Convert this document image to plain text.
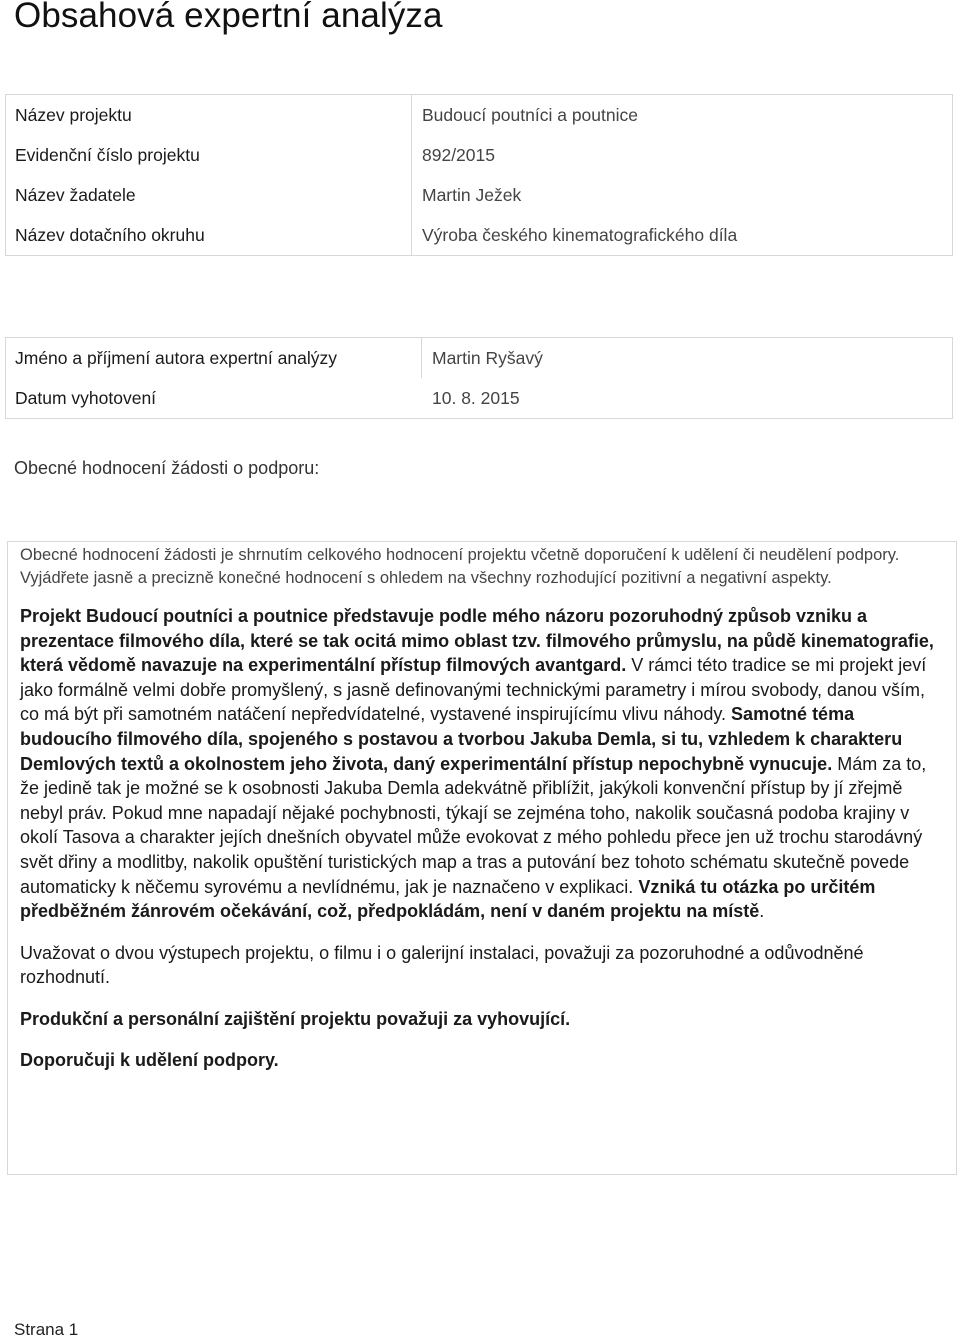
Obsahová expertní analýza
Název projektu	Budoucí poutníci a poutnice
Evidenční číslo projektu	892/2015
Název žadatele	Martin Ježek
Název dotačního okruhu	Výroba českého kinematografického díla
Jméno a příjmení autora expertní analýzy	Martin Ryšavý
Datum vyhotovení	10. 8. 2015
Obecné hodnocení žádosti o podporu:

Obecné hodnocení žádosti je shrnutím celkového hodnocení projektu včetně doporučení k udělení či neudělení podpory. Vyjádřete jasně a precizně konečné hodnocení s ohledem na všechny rozhodující pozitivní a negativní aspekty.

Projekt Budoucí poutníci a poutnice představuje podle mého názoru pozoruhodný způsob vzniku a prezentace filmového díla, které se tak ocitá mimo oblast tzv. filmového průmyslu, na půdě kinematografie, která vědomě navazuje na experimentální přístup filmových avantgard. V rámci této tradice se mi projekt jeví jako formálně velmi dobře promyšlený, s jasně definovanými technickými parametry i mírou svobody, danou vším, co má být při samotném natáčení nepředvídatelné, vystavené inspirujícímu vlivu náhody. Samotné téma budoucího filmového díla, spojeného s postavou a tvorbou Jakuba Demla, si tu, vzhledem k charakteru Demlových textů a okolnostem jeho života, daný experimentální přístup nepochybně vynucuje. Mám za to, že jedině tak je možné se k osobnosti Jakuba Demla adekvátně přiblížit, jakýkoli konvenční přístup by jí zřejmě nebyl práv. Pokud mne napadají nějaké pochybnosti, týkají se zejména toho, nakolik současná podoba krajiny v okolí Tasova a charakter jejích dnešních obyvatel může evokovat z mého pohledu přece jen už trochu starodávný svět dřiny a modlitby, nakolik opuštění turistických map a tras a putování bez tohoto schématu skutečně povede automaticky k něčemu syrovému a nevlídnému, jak je naznačeno v explikaci. Vzniká tu otázka po určitém předběžném žánrovém očekávání, což, předpokládám, není v daném projektu na místě.

Uvažovat o dvou výstupech projektu, o filmu i o galerijní instalaci, považuji za pozoruhodné a odůvodněné rozhodnutí.

Produkční a personální zajištění projektu považuji za vyhovující.

Doporučuji k udělení podpory.

Strana 1
